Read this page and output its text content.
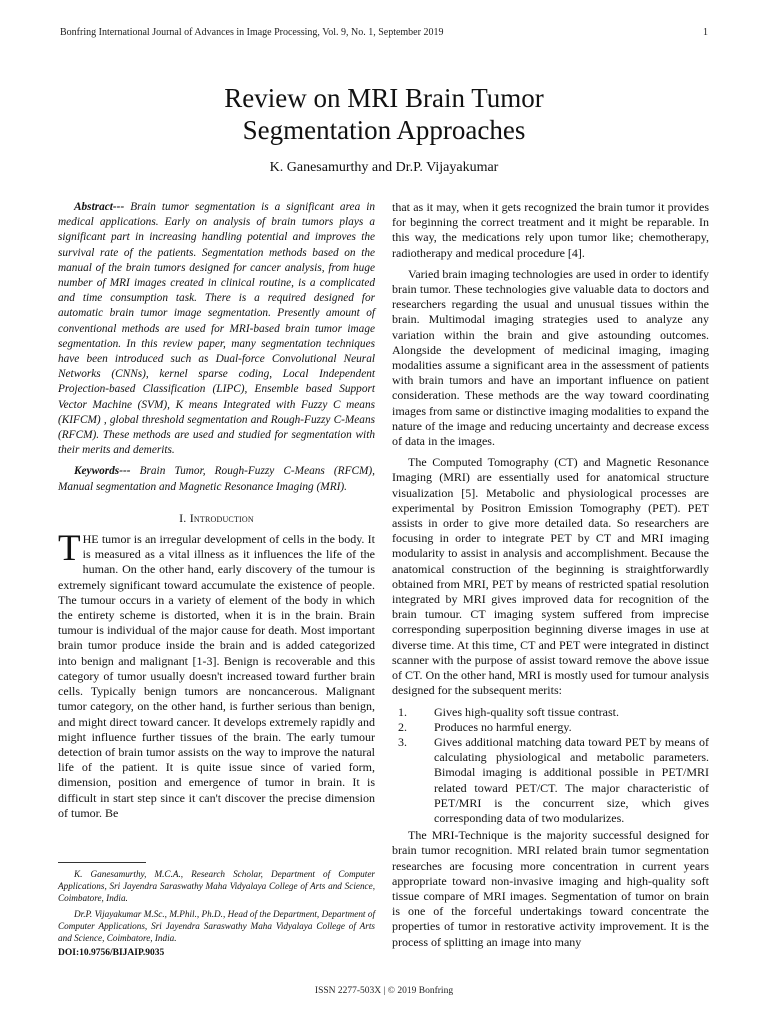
Bonfring International Journal of Advances in Image Processing, Vol. 9, No. 1, September 2019	1
Review on MRI Brain Tumor
Segmentation Approaches
K. Ganesamurthy and Dr.P. Vijayakumar

Abstract--- Brain tumor segmentation is a significant area in medical applications. Early on analysis of brain tumors plays a significant part in increasing handling potential and improves the survival rate of the patients. Segmentation methods based on the manual of the brain tumors designed for cancer analysis, from huge number of MRI images created in clinical routine, is a complicated and time consumption task. There is a required designed for automatic brain tumor image segmentation. Presently amount of conventional methods are used for MRI-based brain tumor image segmentation. In this review paper, many segmentation techniques have been introduced such as Dual-force Convolutional Neural Networks (CNNs), kernel sparse coding, Local Independent Projection-based Classification (LIPC), Ensemble based Support Vector Machine (SVM), K means Integrated with Fuzzy C means (KIFCM) , global threshold segmentation and Rough-Fuzzy C-Means (RFCM). These methods are used and studied for segmentation with their merits and demerits.

Keywords--- Brain Tumor, Rough-Fuzzy C-Means (RFCM), Manual segmentation and Magnetic Resonance Imaging (MRI).

I. Introduction

THE tumor is an irregular development of cells in the body. It is measured as a vital illness as it influences the life of the human. On the other hand, early discovery of the tumour is extremely significant toward accumulate the existence of people. The tumour occurs in a variety of element of the body in which the entirety scheme is distorted, when it is in the brain. Brain tumour is individual of the major cause for death. Most important brain tumor produce inside the brain and is added categorized into benign and malignant [1-3]. Benign is recoverable and this category of tumor usually doesn't increased toward further brain cells. Typically benign tumors are noncancerous. Malignant tumor category, on the other hand, is further serious than benign, and might direct toward cancer. It develops extremely rapidly and might influence further tissues of the brain. The early tumour detection of brain tumor assists on the way to improve the natural life of the patient. It is quite issue since of varied form, dimension, position and emergence of tumor in brain. It is difficult in start step since it can't discover the precise dimension of tumor. Be

that as it may, when it gets recognized the brain tumor it provides for beginning the correct treatment and it might be reparable. In this way, the medications rely upon tumor like; chemotherapy, radiotherapy and medical procedure [4].

Varied brain imaging technologies are used in order to identify brain tumor. These technologies give valuable data to doctors and researchers regarding the usual and unusual tissues within the brain. Multimodal imaging strategies used to analyze any variation within the brain and give astounding outcomes. Alongside the development of medicinal imaging, imaging modalities assume a significant area in the assessment of patients with brain tumors and have an important influence on patient consideration. These methods are the way toward coordinating images from same or distinctive imaging modalities to expand the nature of the image and reducing uncertainty and decrease excess of data in the images.

The Computed Tomography (CT) and Magnetic Resonance Imaging (MRI) are essentially used for anatomical structure visualization [5]. Metabolic and physiological processes are experimental by Positron Emission Tomography (PET). PET assists in order to give more detailed data. So researchers are focusing in order to integrate PET by CT and MRI imaging modularity to assist in analysis and accomplishment. Because the anatomical construction of the beginning is straightforwardly obtained from MRI, PET by means of restricted spatial resolution integrated by MRI gives improved data for recognition of the brain tumour. CT imaging system suffered from imprecise corresponding superposition beginning diverse images in use at diverse time. At this time, CT and PET were integrated in distinct scanner with the purpose of assist toward remove the above issue of CT. On the other hand, MRI is mostly used for tumour analysis designed for the subsequent merits:

1. Gives high-quality soft tissue contrast.
2. Produces no harmful energy.
3. Gives additional matching data toward PET by means of calculating physiological and metabolic parameters. Bimodal imaging is additional possible in PET/MRI related toward PET/CT. The major characteristic of PET/MRI is the concurrent size, which gives corresponding data of two modularizes.

The MRI-Technique is the majority successful designed for brain tumor recognition. MRI related brain tumor segmentation researches are focusing more concentration in current years appropriate toward non-invasive imaging and high-quality soft tissue compare of MRI images. Segmentation of tumor on brain is one of the forceful undertakings toward concentrate the properties of tumor in restorative activity improvement. It is the process of splitting an image into many

K. Ganesamurthy, M.C.A., Research Scholar, Department of Computer Applications, Sri Jayendra Saraswathy Maha Vidyalaya College of Arts and Science, Coimbatore, India.

Dr.P. Vijayakumar M.Sc., M.Phil., Ph.D., Head of the Department, Department of Computer Applications, Sri Jayendra Saraswathy Maha Vidyalaya College of Arts and Science, Coimbatore, India.

DOI:10.9756/BIJAIP.9035

ISSN 2277-503X | © 2019 Bonfring
